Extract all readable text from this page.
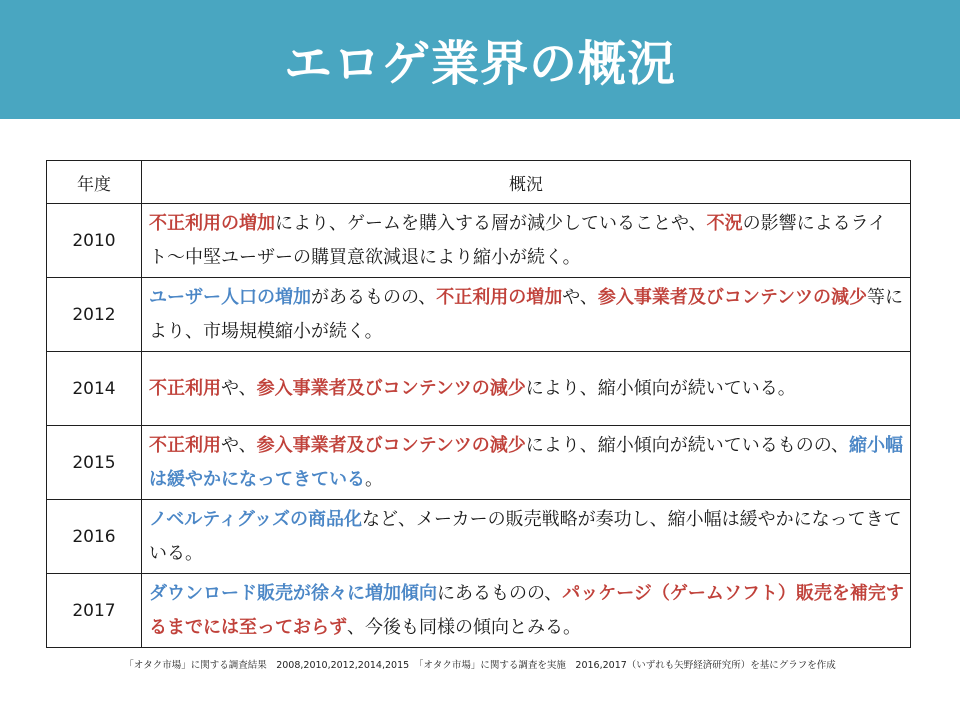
エロゲ業界の概況
年度	概況
2010	不正利用の増加により、ゲームを購入する層が減少していることや、不況の影響によるライト～中堅ユーザーの購買意欲減退により縮小が続く。
2012	ユーザー人口の増加があるものの、不正利用の増加や、参入事業者及びコンテンツの減少等により、市場規模縮小が続く。
2014	不正利用や、参入事業者及びコンテンツの減少により、縮小傾向が続いている。
2015	不正利用や、参入事業者及びコンテンツの減少により、縮小傾向が続いているものの、縮小幅は緩やかになってきている。
2016	ノベルティグッズの商品化など、メーカーの販売戦略が奏功し、縮小幅は緩やかになってきている。
2017	ダウンロード販売が徐々に増加傾向にあるものの、パッケージ（ゲームソフト）販売を補完するまでには至っておらず、今後も同様の傾向とみる。
「オタク市場」に関する調査結果　2008,2010,2012,2014,2015　「オタク市場」に関する調査を実施　2016,2017（いずれも矢野経済研究所）を基にグラフを作成
